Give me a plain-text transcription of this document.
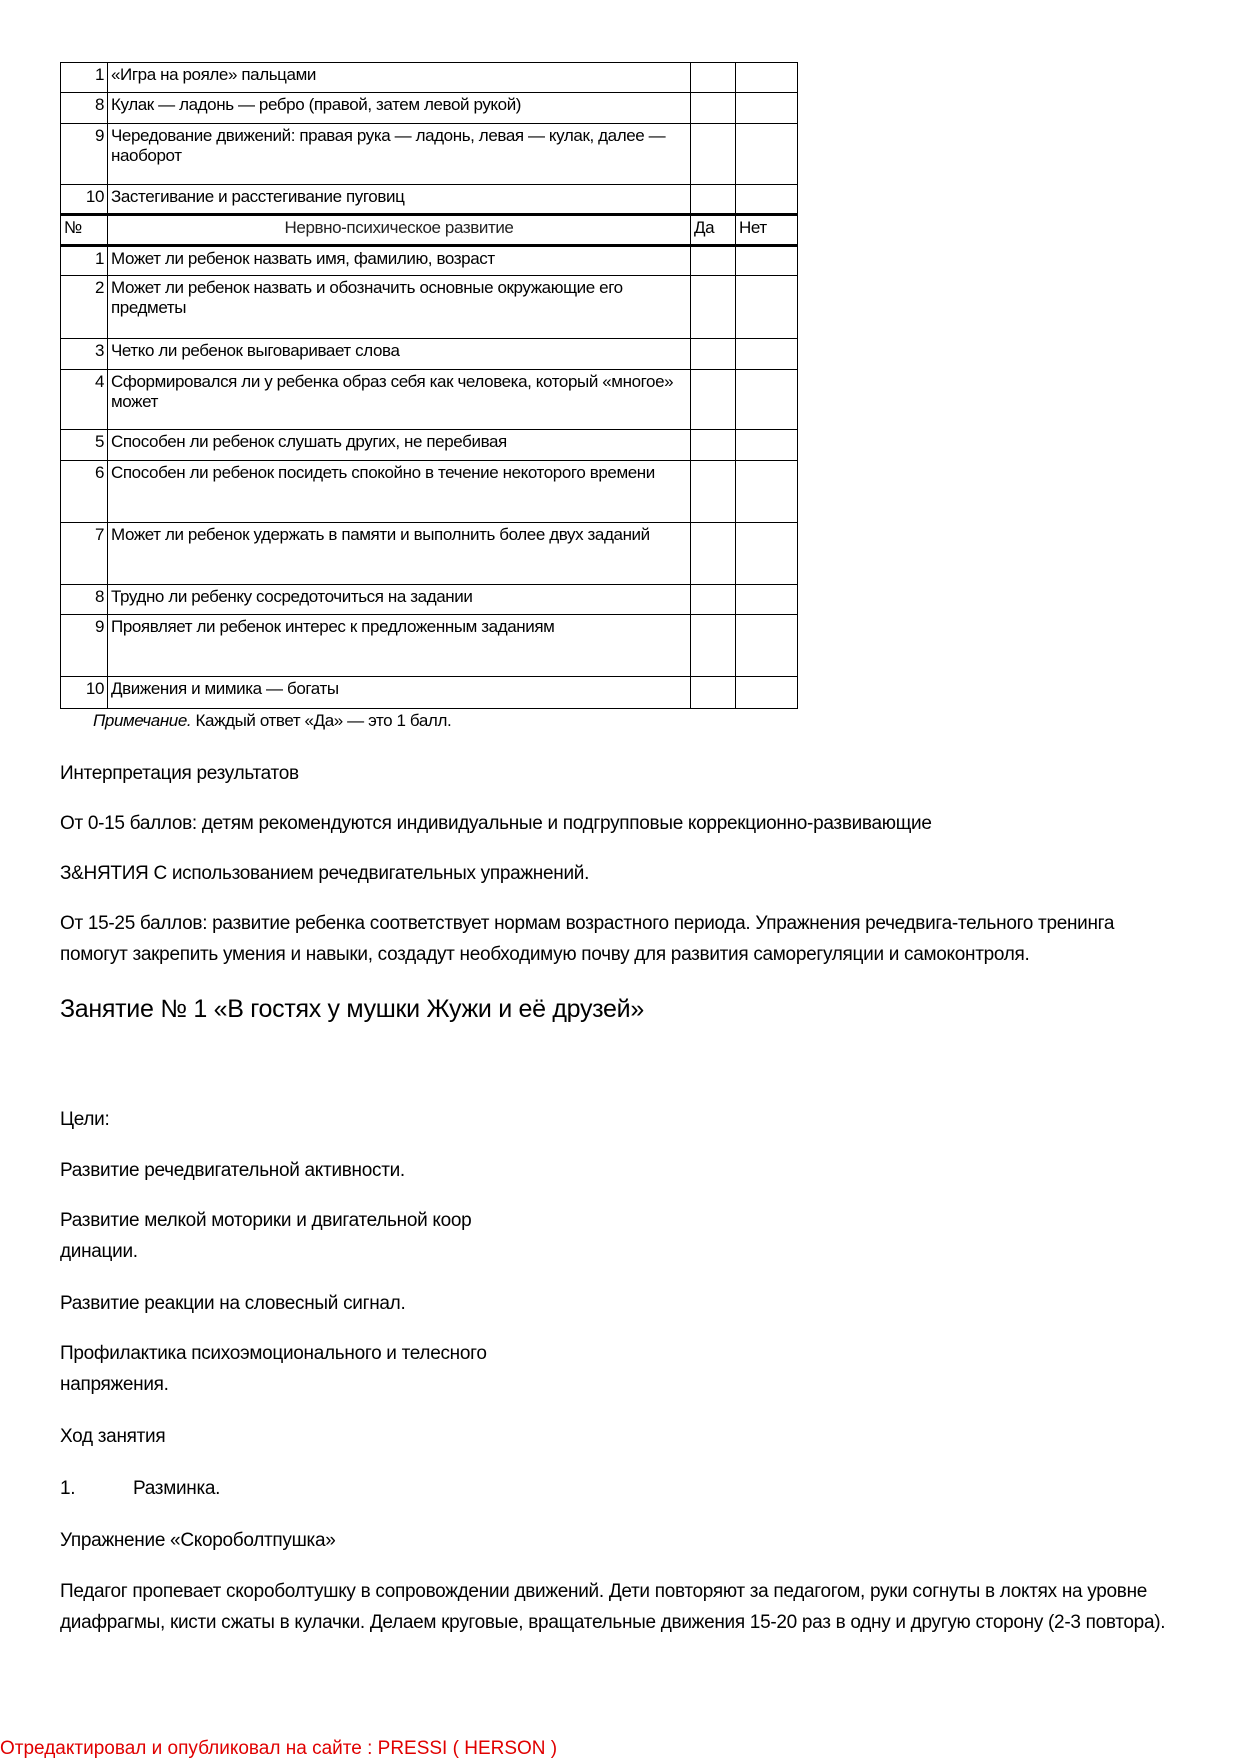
1	«Игра на рояле» пальцами		
8	Кулак — ладонь — ребро (правой, затем левой рукой)		
9	Чередование движений: правая рука — ладонь, левая — кулак, далее — наоборот		
10	Застегивание и расстегивание пуговиц		
№	Нервно-психическое развитие	Да	Нет
1	Может ли ребенок назвать имя, фамилию, возраст		
2	Может ли ребенок назвать и обозначить основные окружающие его предметы		
3	Четко ли ребенок выговаривает слова		
4	Сформировался ли у ребенка образ себя как человека, который «многое» может		
5	Способен ли ребенок слушать других, не перебивая		
6	Способен ли ребенок посидеть спокойно в течение некоторого времени		
7	Может ли ребенок удержать в памяти и выполнить более двух заданий		
8	Трудно ли ребенку сосредоточиться на задании		
9	Проявляет ли ребенок интерес к предложенным заданиям		
10	Движения и мимика — богаты		
Примечание. Каждый ответ «Да» — это 1 балл.
Интерпретация результатов
От 0-15 баллов: детям рекомендуются индивидуальные и подгрупповые коррекционно-развивающие
З&НЯТИЯ С использованием речедвигательных упражнений.
От 15-25 баллов: развитие ребенка соответствует нормам возрастного периода. Упражнения речедвига-тельного тренинга помогут закрепить умения и навыки, создадут необходимую почву для развития саморегуляции и самоконтроля.
Занятие № 1 «В гостях у мушки Жужи и её друзей»
Цели:
Развитие речедвигательной активности.
Развитие мелкой моторики и двигательной коор динации.
Развитие реакции на словесный сигнал.
Профилактика психоэмоционального и телесного напряжения.
Ход занятия
1.	Разминка.
Упражнение «Скороболтпушка»
Педагог пропевает скороболтушку в сопровождении движений. Дети повторяют за педагогом, руки согнуты в локтях на уровне диафрагмы, кисти сжаты в кулачки. Делаем круговые, вращательные движения 15-20 раз в одну и другую сторону (2-3 повтора).
Отредактировал и опубликовал на сайте : PRESSI ( HERSON )
